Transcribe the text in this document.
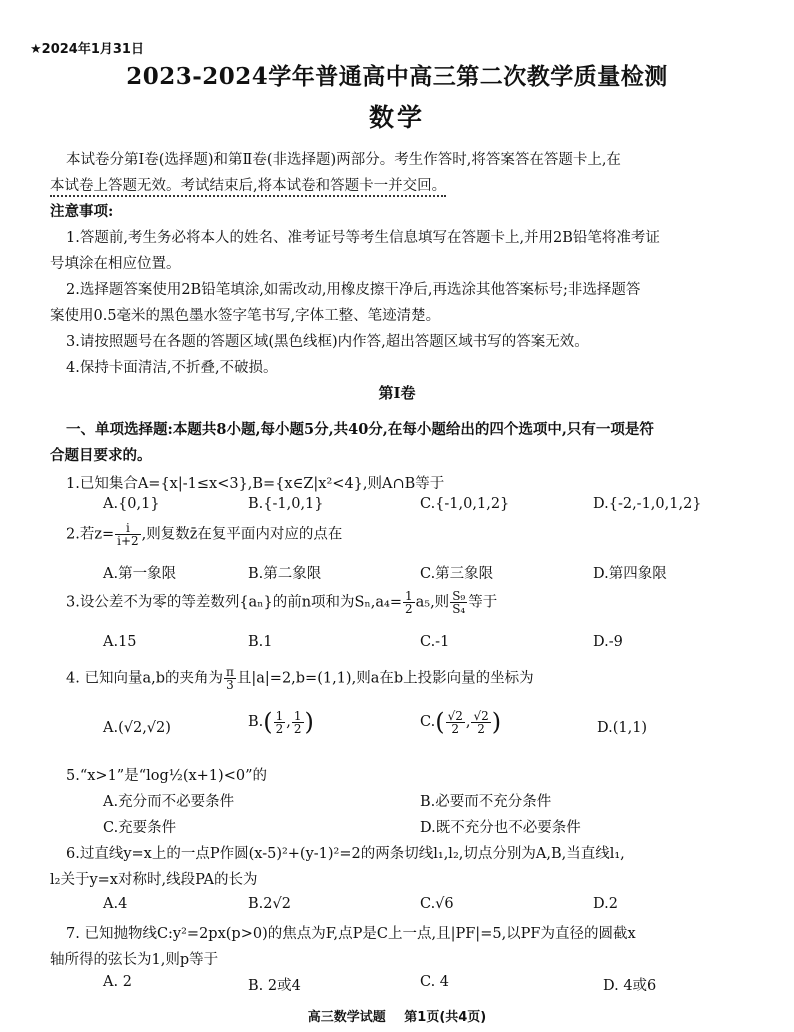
★2024年1月31日
2023-2024学年普通高中高三第二次教学质量检测
数学
本试卷分第Ⅰ卷(选择题)和第Ⅱ卷(非选择题)两部分。考生作答时,将答案答在答题卡上,在
本试卷上答题无效。考试结束后,将本试卷和答题卡一并交回。
注意事项:
1.答题前,考生务必将本人的姓名、准考证号等考生信息填写在答题卡上,并用2B铅笔将准考证
号填涂在相应位置。
2.选择题答案使用2B铅笔填涂,如需改动,用橡皮擦干净后,再选涂其他答案标号;非选择题答
案使用0.5毫米的黑色墨水签字笔书写,字体工整、笔迹清楚。
3.请按照题号在各题的答题区域(黑色线框)内作答,超出答题区域书写的答案无效。
4.保持卡面清洁,不折叠,不破损。
第Ⅰ卷
一、单项选择题:本题共8小题,每小题5分,共40分,在每小题给出的四个选项中,只有一项是符
合题目要求的。
1.已知集合A={x|-1≤x<3},B={x∈Z|x²<4},则A∩B等于
A.{0,1}	B.{-1,0,1}	C.{-1,0,1,2}	D.{-2,-1,0,1,2}
2.若$z= \frac{i}{i+2}$ ,则复数z̄在复平面内对应的点在
A.第一象限	B.第二象限	C.第三象限	D.第四象限
3.设公差不为零的等差数列{aₙ}的前n项和为$S_n,a_4= \frac{1}{2} a_5$,则 $\frac{\text{S₉}}{\text{S₄}}$ 等于
A.15	B.1	C.-1	D.-9
4. 已知向量a,b的夹角为 $\frac{\pi}{3}$ 且|a|=2,b=(1,1),则a在b上投影向量的坐标为
A.(√2,√2)	$B.( \frac{1}{2}$ , $\frac{1}{2}$ )	$C.( \frac{√2}{2}$ , $\frac{√2}{2}$ )	D.(1,1)
5.“x>1”是“log½(x+1)<0”的
A.充分而不必要条件	B.必要而不充分条件
C.充要条件	D.既不充分也不必要条件
6.过直线y=x上的一点P作圆(x-5)²+(y-1)²=2的两条切线l₁,l₂,切点分别为A,B,当直线l₁,
l₂关于y=x对称时,线段PA的长为
A.4	B.2√2	C.√6	D.2
7. 已知抛物线C:y²=2px(p>0)的焦点为F,点P是C上一点,且|PF|=5,以PF为直径的圆截x
轴所得的弦长为1,则p等于
A. 2	B. 2或4	C. 4	D. 4或6
高三数学试题 第1页(共4页)
